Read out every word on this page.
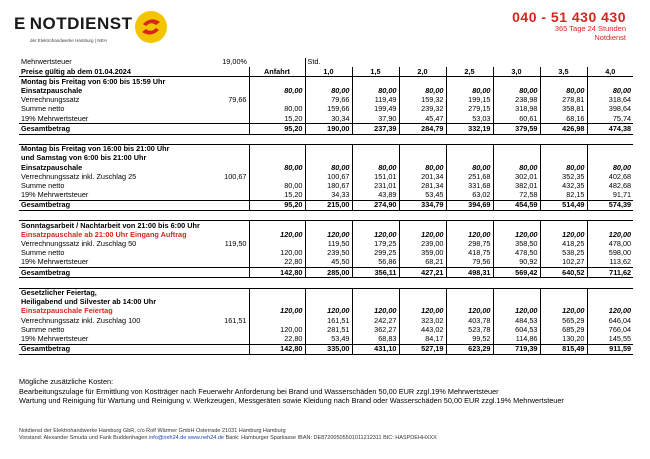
E  NOTDIENST
der Elektrohandwerke Hamburg | NEH
040 - 51 430 430
365 Tage 24 Stunden
Notdienst
Mehrwertsteuer	19,00%		Std.						
Preise gültig ab dem 01.04.2024		Anfahrt	1,0	1,5	2,0	2,5	3,0	3,5	4,0
Montag bis Freitag von 6:00 bis 15:59 Uhr									
Einsatzpauschale		80,00	80,00	80,00	80,00	80,00	80,00	80,00	80,00
Verrechnungssatz	79,66		79,66	119,49	159,32	199,15	238,98	278,81	318,64
Summe netto		80,00	159,66	199,49	239,32	279,15	318,98	358,81	398,64
19% Mehrwertsteuer		15,20	30,34	37,90	45,47	53,03	60,61	68,16	75,74
Gesamtbetrag		95,20	190,00	237,39	284,79	332,19	379,59	426,98	474,38

Montag bis Freitag von 16:00 bis 21:00 Uhr									
und Samstag von 6:00 bis 21:00 Uhr									
Einsatzpauschale		80,00	80,00	80,00	80,00	80,00	80,00	80,00	80,00
Verrechnungssatz inkl. Zuschlag 25	100,67		100,67	151,01	201,34	251,68	302,01	352,35	402,68
Summe netto		80,00	180,67	231,01	281,34	331,68	382,01	432,35	482,68
19% Mehrwertsteuer		15,20	34,33	43,89	53,45	63,02	72,58	82,15	91,71
Gesamtbetrag		95,20	215,00	274,90	334,79	394,69	454,59	514,49	574,39

Sonntagsarbeit / Nachtarbeit von 21:00 bis 6:00 Uhr									
Einsatzpauschale ab 21:00 Uhr Eingang Auftrag		120,00	120,00	120,00	120,00	120,00	120,00	120,00	120,00
Verrechnungssatz inkl. Zuschlag 50	119,50		119,50	179,25	239,00	298,75	358,50	418,25	478,00
Summe netto		120,00	239,50	299,25	359,00	418,75	478,50	538,25	598,00
19% Mehrwertsteuer		22,80	45,50	56,86	68,21	79,56	90,92	102,27	113,62
Gesamtbetrag		142,80	285,00	356,11	427,21	498,31	569,42	640,52	711,62

Gesetzlicher Feiertag,									
Heiligabend und Silvester ab 14:00 Uhr									
Einsatzpauschale Feiertag		120,00	120,00	120,00	120,00	120,00	120,00	120,00	120,00
Verrechnungssatz inkl. Zuschlag 100	161,51		161,51	242,27	323,02	403,78	484,53	565,29	646,04
Summe netto		120,00	281,51	362,27	443,02	523,78	604,53	685,29	766,04
19% Mehrwertsteuer		22,80	53,49	68,83	84,17	99,52	114,86	130,20	145,55
Gesamtbetrag		142,80	335,00	431,10	527,19	623,29	719,39	815,49	911,59
Mögliche zusätzliche Kosten:
Bearbeitungszulage für Ermittlung von Kostträger nach Feuerwehr Anforderung bei Brand und Wasserschäden 50,00 EUR zzgl.19% Mehrwertsteuer
Wartung und Reinigung für Wartung und Reinigung v. Werkzeugen, Messgeräten sowie Kleidung nach Brand oder Wasserschäden 50,00 EUR zzgl.19% Mehrwertsteuer
Notdienst der Elektrohandwerke Hamburg GbR, c/o Rolf Wärmer GmbH Osterrade 21031 Hamburg Hamburg
Vorstand: Alexander Smuda und Fank Buddenhagen info@neh24.de www.neh24.de Bank: Hamburger Sparkasse IBAN: DE87200505501011212311 BIC: HASPDEHHXXX
